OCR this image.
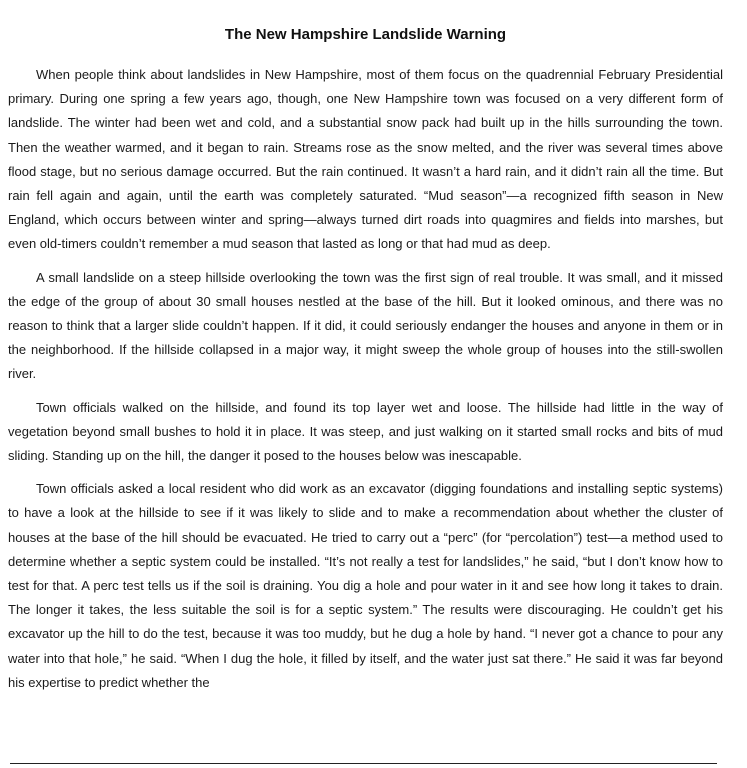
The New Hampshire Landslide Warning

When people think about landslides in New Hampshire, most of them focus on the quadrennial February Presidential primary. During one spring a few years ago, though, one New Hampshire town was focused on a very different form of landslide. The winter had been wet and cold, and a substantial snow pack had built up in the hills surrounding the town. Then the weather warmed, and it began to rain. Streams rose as the snow melted, and the river was several times above flood stage, but no serious damage occurred. But the rain continued. It wasn’t a hard rain, and it didn’t rain all the time. But rain fell again and again, until the earth was completely saturated. “Mud season”—a recognized fifth season in New England, which occurs between winter and spring—always turned dirt roads into quagmires and fields into marshes, but even old-timers couldn’t remember a mud season that lasted as long or that had mud as deep.

A small landslide on a steep hillside overlooking the town was the first sign of real trouble. It was small, and it missed the edge of the group of about 30 small houses nestled at the base of the hill. But it looked ominous, and there was no reason to think that a larger slide couldn’t happen. If it did, it could seriously endanger the houses and anyone in them or in the neighborhood. If the hillside collapsed in a major way, it might sweep the whole group of houses into the still-swollen river.

Town officials walked on the hillside, and found its top layer wet and loose. The hillside had little in the way of vegetation beyond small bushes to hold it in place. It was steep, and just walking on it started small rocks and bits of mud sliding. Standing up on the hill, the danger it posed to the houses below was inescapable.

Town officials asked a local resident who did work as an excavator (digging foundations and installing septic systems) to have a look at the hillside to see if it was likely to slide and to make a recommendation about whether the cluster of houses at the base of the hill should be evacuated. He tried to carry out a “perc” (for “percolation”) test—a method used to determine whether a septic system could be installed. “It’s not really a test for landslides,” he said, “but I don’t know how to test for that. A perc test tells us if the soil is draining. You dig a hole and pour water in it and see how long it takes to drain. The longer it takes, the less suitable the soil is for a septic system.” The results were discouraging. He couldn’t get his excavator up the hill to do the test, because it was too muddy, but he dug a hole by hand. “I never got a chance to pour any water into that hole,” he said. “When I dug the hole, it filled by itself, and the water just sat there.” He said it was far beyond his expertise to predict whether the
